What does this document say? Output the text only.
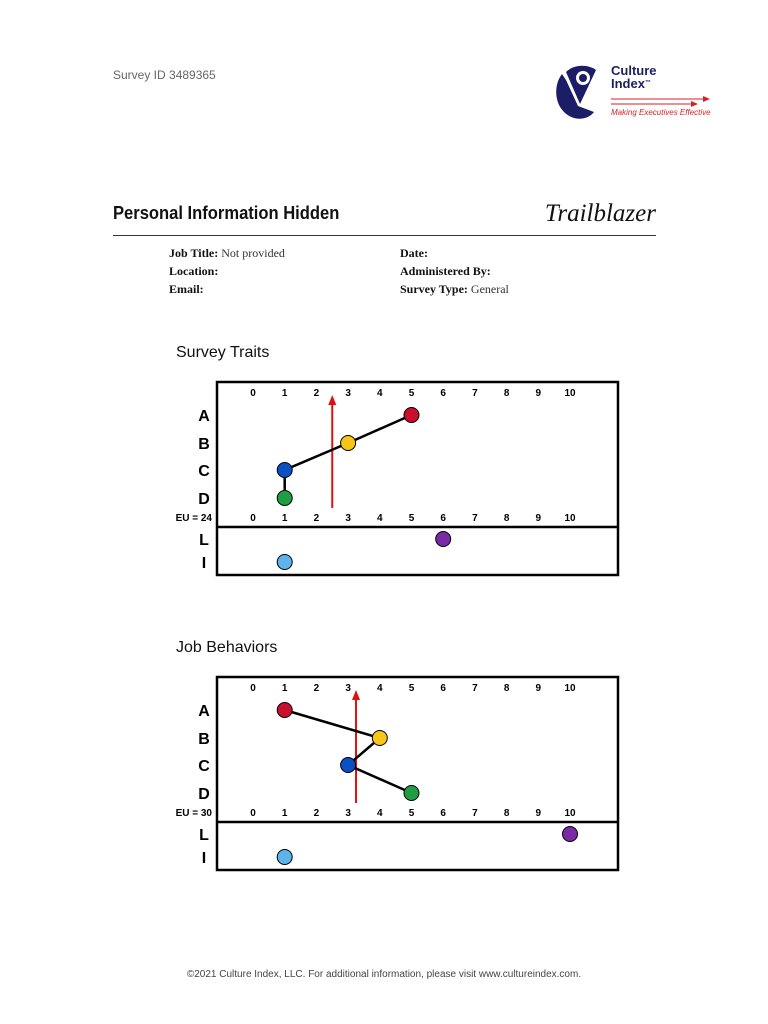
Survey ID 3489365	Culture
Index™
Making Executives Effective
Personal Information Hidden	Trailblazer
Job Title: Not provided
Location:
Email:
Date:
Administered By:
Survey Type: General
Survey Traits
0	1	2	3	4	5	6	7	8	9 10
0	1	2	3	4	5	6	7	8	9 10
A
B
C
D
L
I
EU = 24
Job Behaviors
0	1	2	3	4	5	6	7	8	9 10
0	1	2	3	4	5	6	7	8	9 10
A
B
C
D
L
I
EU = 30
©2021 Culture Index, LLC. For additional information, please visit www.cultureindex.com.
